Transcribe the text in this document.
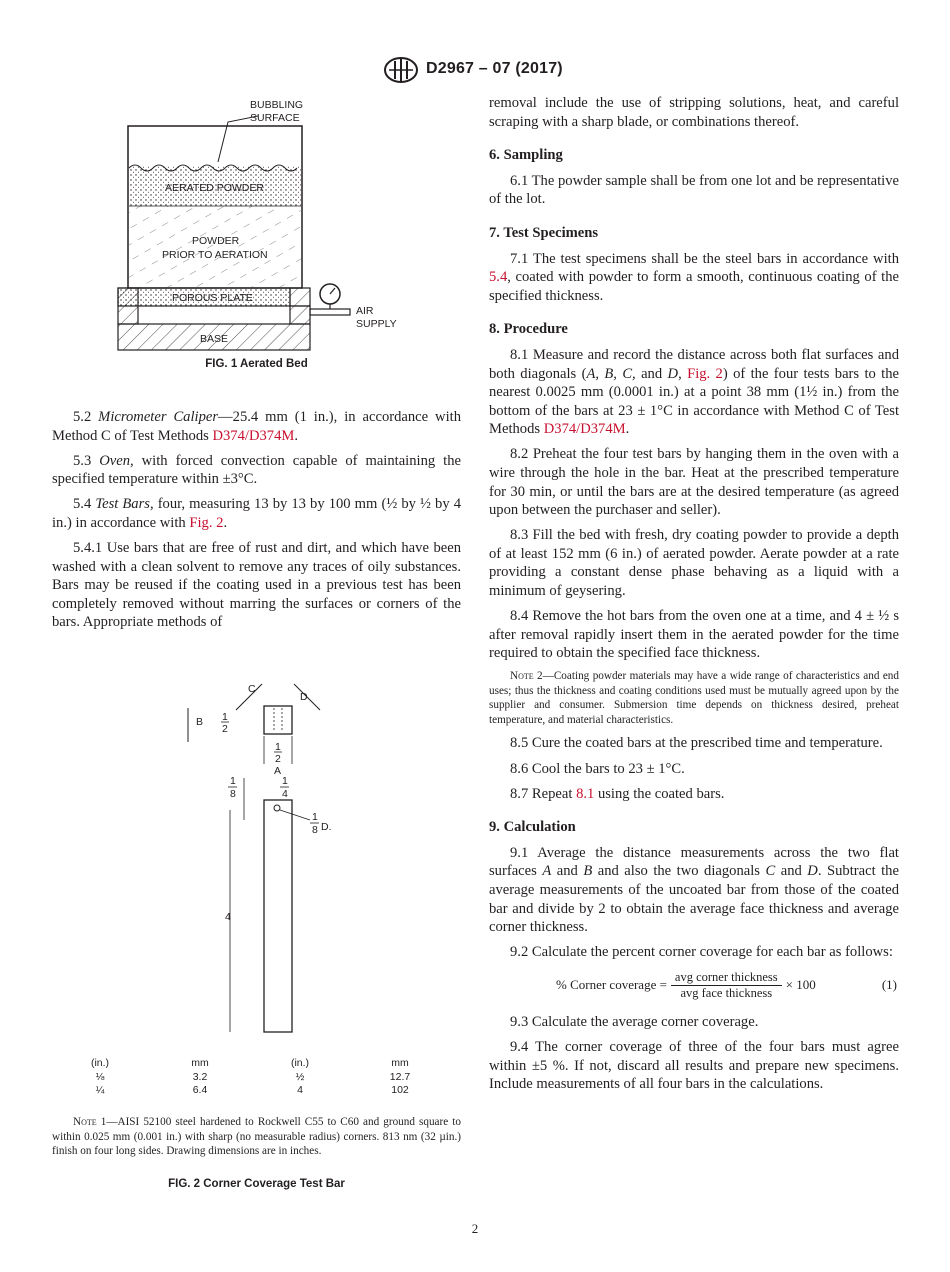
D2967 – 07 (2017)
BUBBLING
SURFACE
AERATED POWDER
POWDER
PRIOR TO AERATION
POROUS PLATE
AIR
SUPPLY
BASE
FIG. 1 Aerated Bed

5.2 Micrometer Caliper—25.4 mm (1 in.), in accordance with Method C of Test Methods D374/D374M.

5.3 Oven, with forced convection capable of maintaining the specified temperature within ±3°C.

5.4 Test Bars, four, measuring 13 by 13 by 100 mm (½ by ½ by 4 in.) in accordance with Fig. 2.

5.4.1 Use bars that are free of rust and dirt, and which have been washed with a clean solvent to remove any traces of oily substances. Bars may be reused if the coating used in a previous test has been completely removed without marring the surfaces or corners of the bars. Appropriate methods of

C
D
B 1
2
1
2
A
1
8
1
4
1
8 D.
4
(in.)	mm	(in.)	mm
⅛	3.2	½	12.7
¼	6.4	4	102
Note 1—AISI 52100 steel hardened to Rockwell C55 to C60 and ground square to within 0.025 mm (0.001 in.) with sharp (no measurable radius) corners. 813 nm (32 µin.) finish on four long sides. Drawing dimensions are in inches.
FIG. 2 Corner Coverage Test Bar

removal include the use of stripping solutions, heat, and careful scraping with a sharp blade, or combinations thereof.

6. Sampling

6.1 The powder sample shall be from one lot and be representative of the lot.

7. Test Specimens

7.1 The test specimens shall be the steel bars in accordance with 5.4, coated with powder to form a smooth, continuous coating of the specified thickness.

8. Procedure

8.1 Measure and record the distance across both flat surfaces and both diagonals (A, B, C, and D, Fig. 2) of the four tests bars to the nearest 0.0025 mm (0.0001 in.) at a point 38 mm (1½ in.) from the bottom of the bars at 23 ± 1°C in accordance with Method C of Test Methods D374/D374M.

8.2 Preheat the four test bars by hanging them in the oven with a wire through the hole in the bar. Heat at the prescribed temperature for 30 min, or until the bars are at the desired temperature (as agreed upon between the purchaser and seller).

8.3 Fill the bed with fresh, dry coating powder to provide a depth of at least 152 mm (6 in.) of aerated powder. Aerate powder at a rate providing a constant dense phase behaving as a liquid with a minimum of geysering.

8.4 Remove the hot bars from the oven one at a time, and 4 ± ½ s after removal rapidly insert them in the aerated powder for the time required to obtain the specified face thickness.

Note 2—Coating powder materials may have a wide range of characteristics and end uses; thus the thickness and coating conditions used must be mutually agreed upon by the supplier and consumer. Submersion time depends on thickness desired, preheat temperature, and material characteristics.

8.5 Cure the coated bars at the prescribed time and temperature.

8.6 Cool the bars to 23 ± 1°C.

8.7 Repeat 8.1 using the coated bars.

9. Calculation

9.1 Average the distance measurements across the two flat surfaces A and B and also the two diagonals C and D. Subtract the average measurements of the uncoated bar from those of the coated bar and divide by 2 to obtain the average face thickness and average corner thickness.

9.2 Calculate the percent corner coverage for each bar as follows:

% Corner coverage = $\frac{\text{avg corner thickness}}{\text{avg face thickness}} \times 100$	(1)

9.3 Calculate the average corner coverage.

9.4 The corner coverage of three of the four bars must agree within ±5 %. If not, discard all results and prepare new specimens. Include measurements of all four bars in the calculations.

2
